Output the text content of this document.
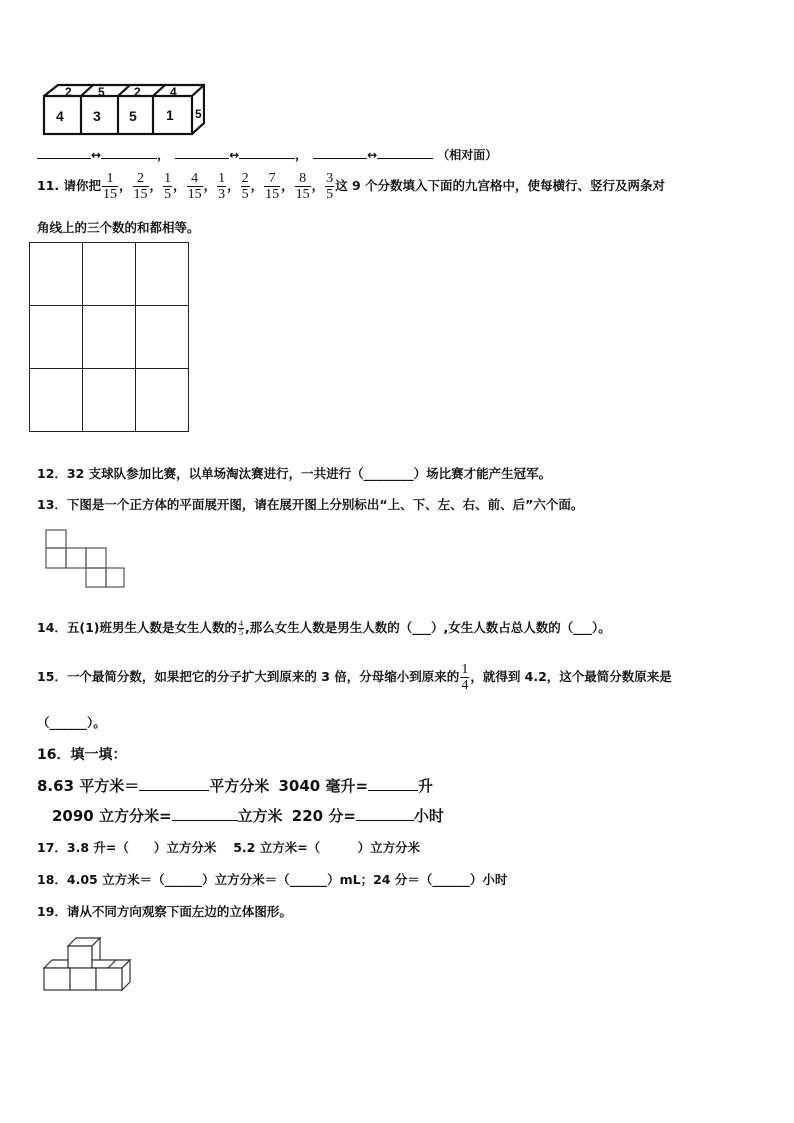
4 3 5 1
2 5 2 4
5
↔	，	↔	，	↔	（相对面）
11. 请你把 $\frac{1}{15}$ ， $\frac{2}{15}$ ， $\frac{1}{5}$ ， $\frac{4}{15}$ ， $\frac{1}{3}$ ， $\frac{2}{5}$ ， $\frac{7}{15}$ ， $\frac{8}{15}$ ， $\frac{3}{5}$ 这 9 个分数填入下面的九宫格中，使每横行、竖行及两条对
角线上的三个数的和都相等。

12．32 支球队参加比赛，以单场淘汰赛进行，一共进行（________）场比赛才能产生冠军。
13．下图是一个正方体的平面展开图，请在展开图上分别标出“上、下、左、右、前、后”六个面。
14．五(1)班男生人数是女生人数的 $\frac{4}{5}$ ,那么女生人数是男生人数的（___）,女生人数占总人数的（___）。
15．一个最简分数，如果把它的分子扩大到原来的 3 倍，分母缩小到原来的 $\frac{1}{4}$ ，就得到 4.2，这个最简分数原来是
（______）。
16．填一填：
8.63 平方米＝	平方分米 3040 毫升=	升
2090 立方分米=	立方米 220 分=	小时
17．3.8 升=（　　）立方分米　 5.2 立方米=（　　　）立方分米
18．4.05 立方米＝（______）立方分米＝（______）mL；24 分＝（______）小时
19．请从不同方向观察下面左边的立体图形。
